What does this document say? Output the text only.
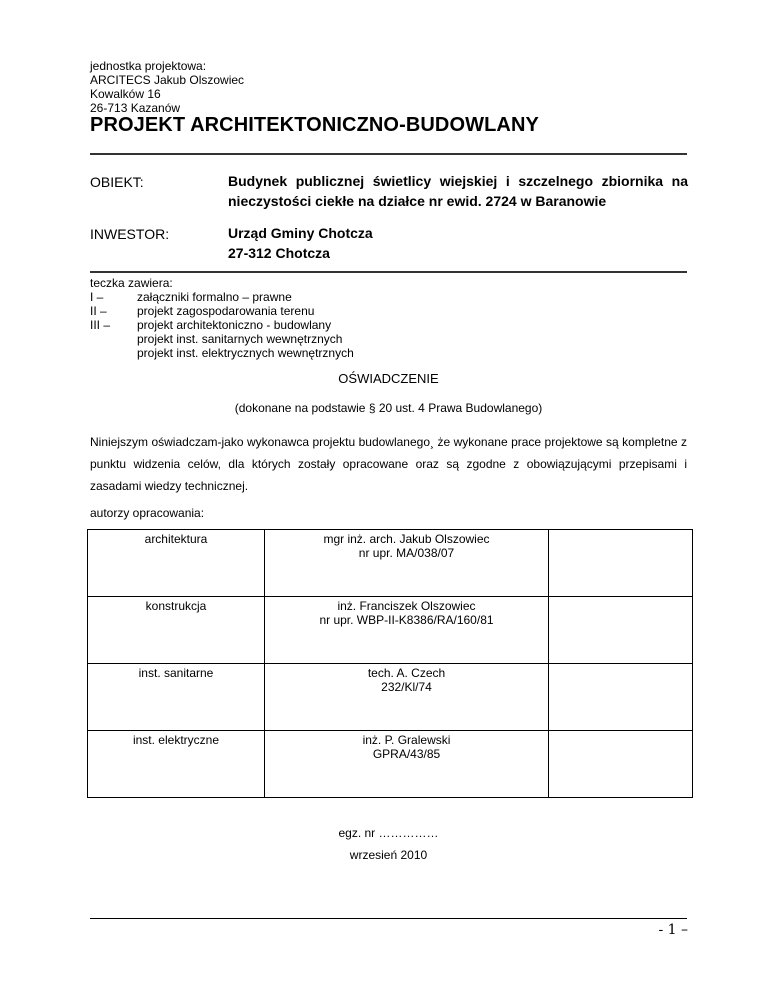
jednostka projektowa:
ARCITECS Jakub Olszowiec
Kowalków 16
26-713 Kazanów
PROJEKT ARCHITEKTONICZNO-BUDOWLANY
OBIEKT:	Budynek publicznej świetlicy wiejskiej i szczelnego zbiornika na nieczystości ciekłe na działce nr ewid. 2724 w Baranowie
INWESTOR:	Urząd Gminy Chotcza
27-312 Chotcza
teczka zawiera:
I –	załączniki formalno – prawne
II –	projekt zagospodarowania terenu
III – projekt architektoniczno - budowlany
projekt inst. sanitarnych wewnętrznych
projekt inst. elektrycznych wewnętrznych
OŚWIADCZENIE
(dokonane na podstawie § 20 ust. 4 Prawa Budowlanego)
Niniejszym oświadczam-jako wykonawca projektu budowlanego¸ że wykonane prace projektowe są kompletne z punktu widzenia celów, dla których zostały opracowane oraz są zgodne z obowiązującymi przepisami i zasadami wiedzy technicznej.
autorzy opracowania:
architektura	mgr inż. arch. Jakub Olszowiec
nr upr. MA/038/07	

konstrukcja	inż. Franciszek Olszowiec
nr upr. WBP-II-K8386/RA/160/81	

inst. sanitarne	tech. A. Czech
232/Kl/74	

inst. elektryczne	inż. P. Gralewski
GPRA/43/85	

egz. nr ……………
wrzesień 2010
- 1 –
